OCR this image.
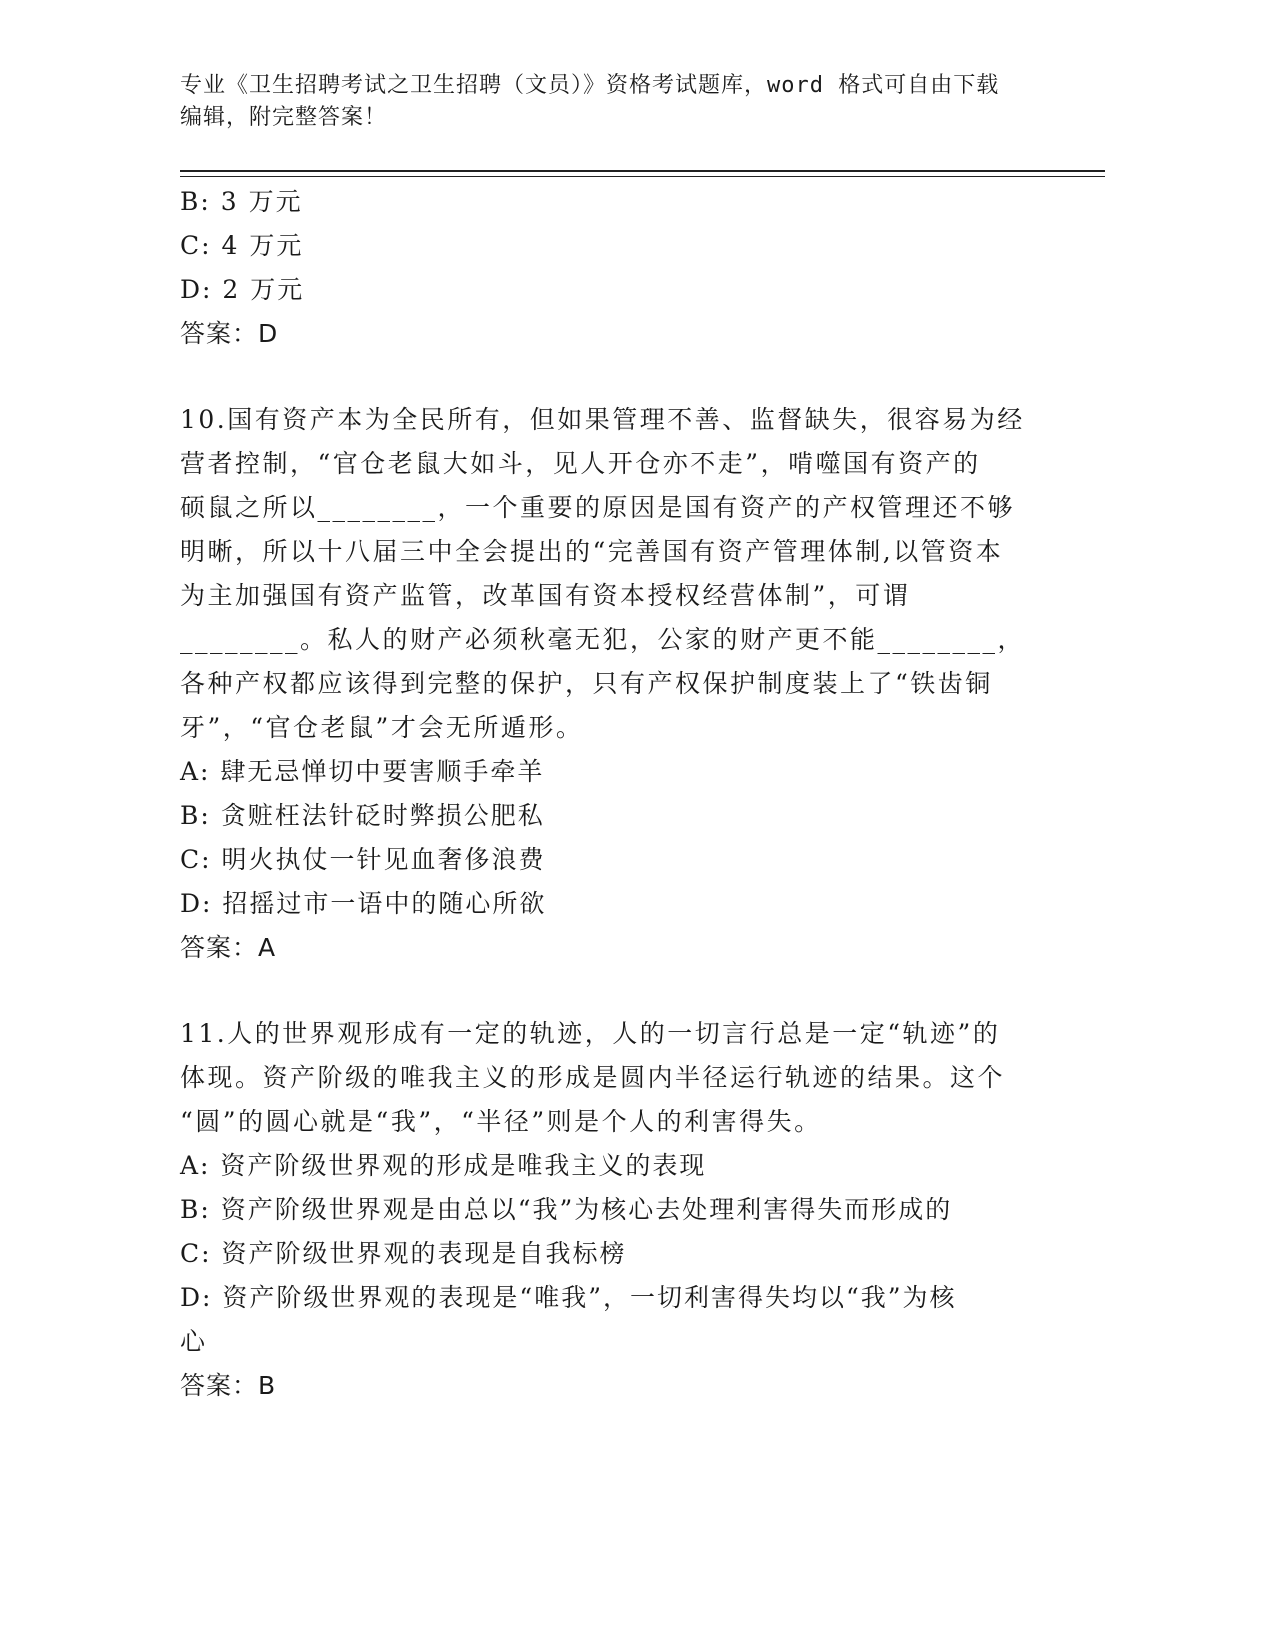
专业《卫生招聘考试之卫生招聘（文员）》资格考试题库，word 格式可自由下载
编辑，附完整答案！
B: 3 万元
C: 4 万元
D: 2 万元
答案：D
10.国有资产本为全民所有，但如果管理不善、监督缺失，很容易为经
营者控制，“官仓老鼠大如斗，见人开仓亦不走”，啃噬国有资产的
硕鼠之所以________，一个重要的原因是国有资产的产权管理还不够
明晰，所以十八届三中全会提出的“完善国有资产管理体制,以管资本
为主加强国有资产监管，改革国有资本授权经营体制”，可谓
________。私人的财产必须秋毫无犯，公家的财产更不能________，
各种产权都应该得到完整的保护，只有产权保护制度装上了“铁齿铜
牙”，“官仓老鼠”才会无所遁形。
A: 肆无忌惮切中要害顺手牵羊
B: 贪赃枉法针砭时弊损公肥私
C: 明火执仗一针见血奢侈浪费
D: 招摇过市一语中的随心所欲
答案：A
11.人的世界观形成有一定的轨迹，人的一切言行总是一定“轨迹”的
体现。资产阶级的唯我主义的形成是圆内半径运行轨迹的结果。这个
“圆”的圆心就是“我”，“半径”则是个人的利害得失。
A: 资产阶级世界观的形成是唯我主义的表现
B: 资产阶级世界观是由总以“我”为核心去处理利害得失而形成的
C: 资产阶级世界观的表现是自我标榜
D: 资产阶级世界观的表现是“唯我”，一切利害得失均以“我”为核
心
答案：B
